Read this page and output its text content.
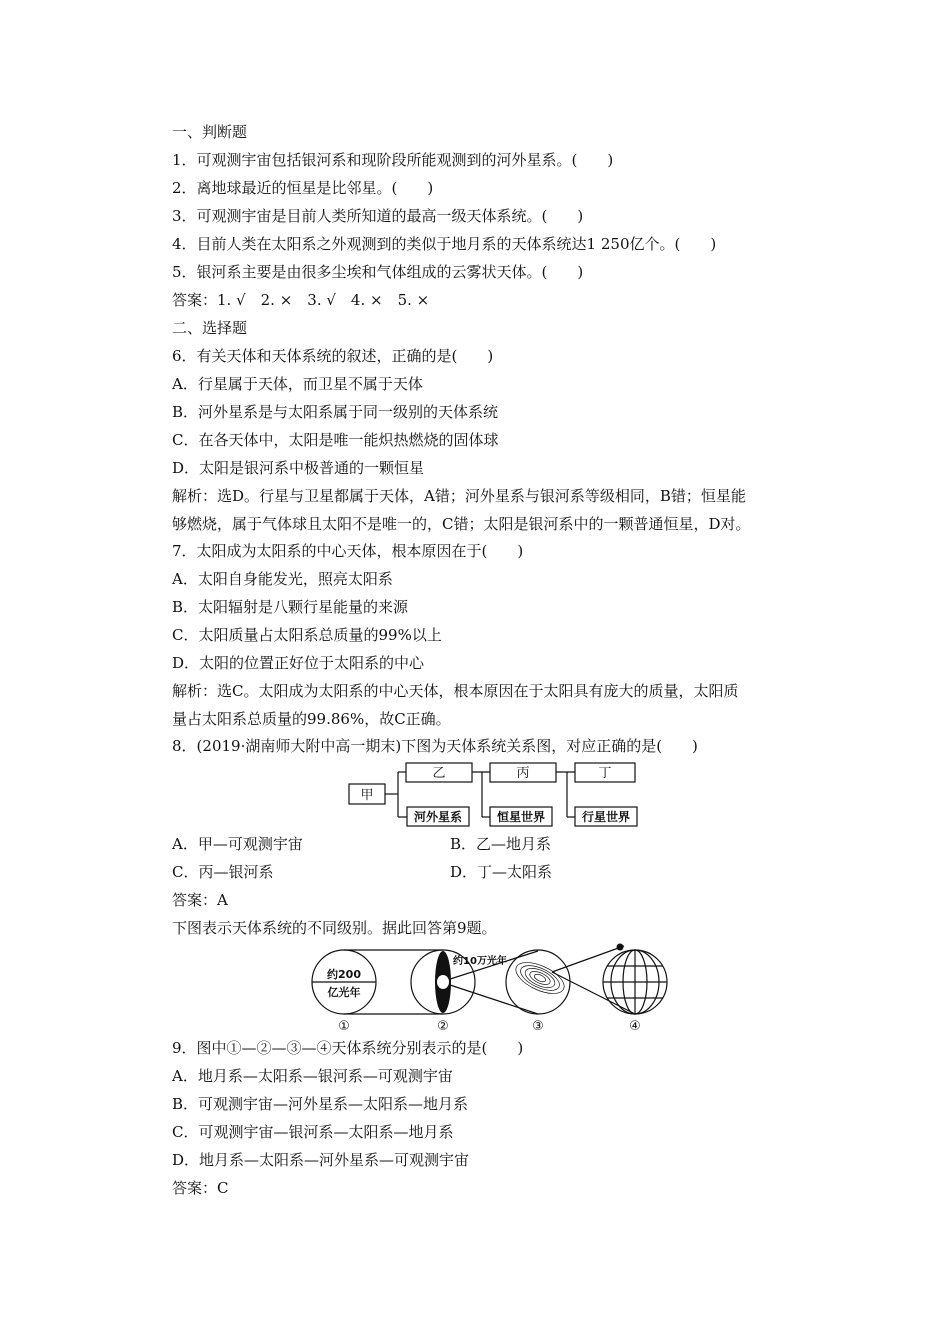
一、判断题
1．可观测宇宙包括银河系和现阶段所能观测到的河外星系。(　　)
2．离地球最近的恒星是比邻星。(　　)
3．可观测宇宙是目前人类所知道的最高一级天体系统。(　　)
4．目前人类在太阳系之外观测到的类似于地月系的天体系统达1 250亿个。(　　)
5．银河系主要是由很多尘埃和气体组成的云雾状天体。(　　)
答案：1. √　2. ×　3. √　4. ×　5. ×
二、选择题
6．有关天体和天体系统的叙述，正确的是(　　)
A．行星属于天体，而卫星不属于天体
B．河外星系是与太阳系属于同一级别的天体系统
C．在各天体中，太阳是唯一能炽热燃烧的固体球
D．太阳是银河系中极普通的一颗恒星
解析：选D。行星与卫星都属于天体，A错；河外星系与银河系等级相同，B错；恒星能
够燃烧，属于气体球且太阳不是唯一的，C错；太阳是银河系中的一颗普通恒星，D对。
7．太阳成为太阳系的中心天体，根本原因在于(　　)
A．太阳自身能发光，照亮太阳系
B．太阳辐射是八颗行星能量的来源
C．太阳质量占太阳系总质量的99%以上
D．太阳的位置正好位于太阳系的中心
解析：选C。太阳成为太阳系的中心天体，根本原因在于太阳具有庞大的质量，太阳质
量占太阳系总质量的99.86%，故C正确。
8．(2019·湖南师大附中高一期末)下图为天体系统关系图，对应正确的是(　　)
甲
乙	丙	丁
河外星系	恒星世界	行星世界
A．甲—可观测宇宙	B．乙—地月系
C．丙—银河系	D．丁—太阳系
答案：A
下图表示天体系统的不同级别。据此回答第9题。
约200
亿光年
约10万光年
①	②	③	④
9．图中①—②—③—④天体系统分别表示的是(　　)
A．地月系—太阳系—银河系—可观测宇宙
B．可观测宇宙—河外星系—太阳系—地月系
C．可观测宇宙—银河系—太阳系—地月系
D．地月系—太阳系—河外星系—可观测宇宙
答案：C
